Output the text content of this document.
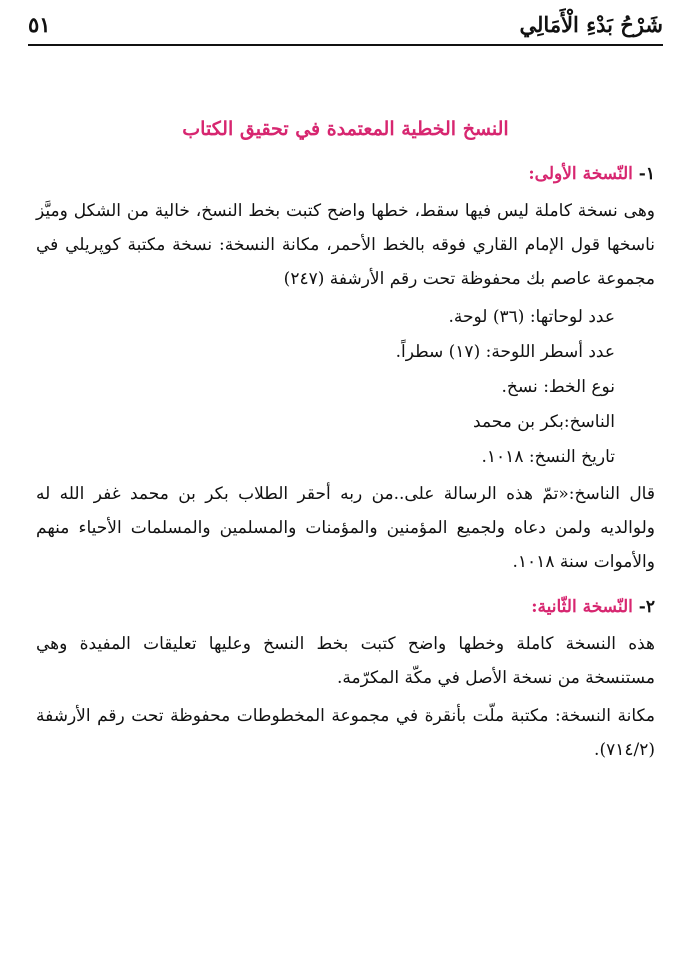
شَرْحُ بَدْءِ الْأَمَالِي
٥١
النسخ الخطية المعتمدة في تحقيق الكتاب
١- النّسخة الأولى:

وهى نسخة كاملة ليس فيها سقط، خطها واضح كتبت بخط النسخ، خالية من الشكل وميَّز ناسخها قول الإمام القاري فوقه بالخط الأحمر، مكانة النسخة: نسخة مكتبة كوپريلي في مجموعة عاصم بك محفوظة تحت رقم الأرشفة (٢٤٧)

عدد لوحاتها: (٣٦) لوحة.
عدد أسطر اللوحة: (١٧) سطراً.
نوع الخط: نسخ.
الناسخ:بكر بن محمد
تاريخ النسخ: ١٠١٨.

قال الناسخ:«تمّ هذه الرسالة على..من ربه أحقر الطلاب بكر بن محمد غفر الله له ولوالديه ولمن دعاه ولجميع المؤمنين والمؤمنات والمسلمين والمسلمات الأحياء منهم والأموات سنة ١٠١٨.

٢- النّسخة الثّانية:

هذه النسخة كاملة وخطها واضح كتبت بخط النسخ وعليها تعليقات المفيدة وهي مستنسخة من نسخة الأصل في مكّة المكرّمة.

مكانة النسخة: مكتبة ملّت بأنقرة في مجموعة المخطوطات محفوظة تحت رقم الأرشفة (٧١٤/٢).
